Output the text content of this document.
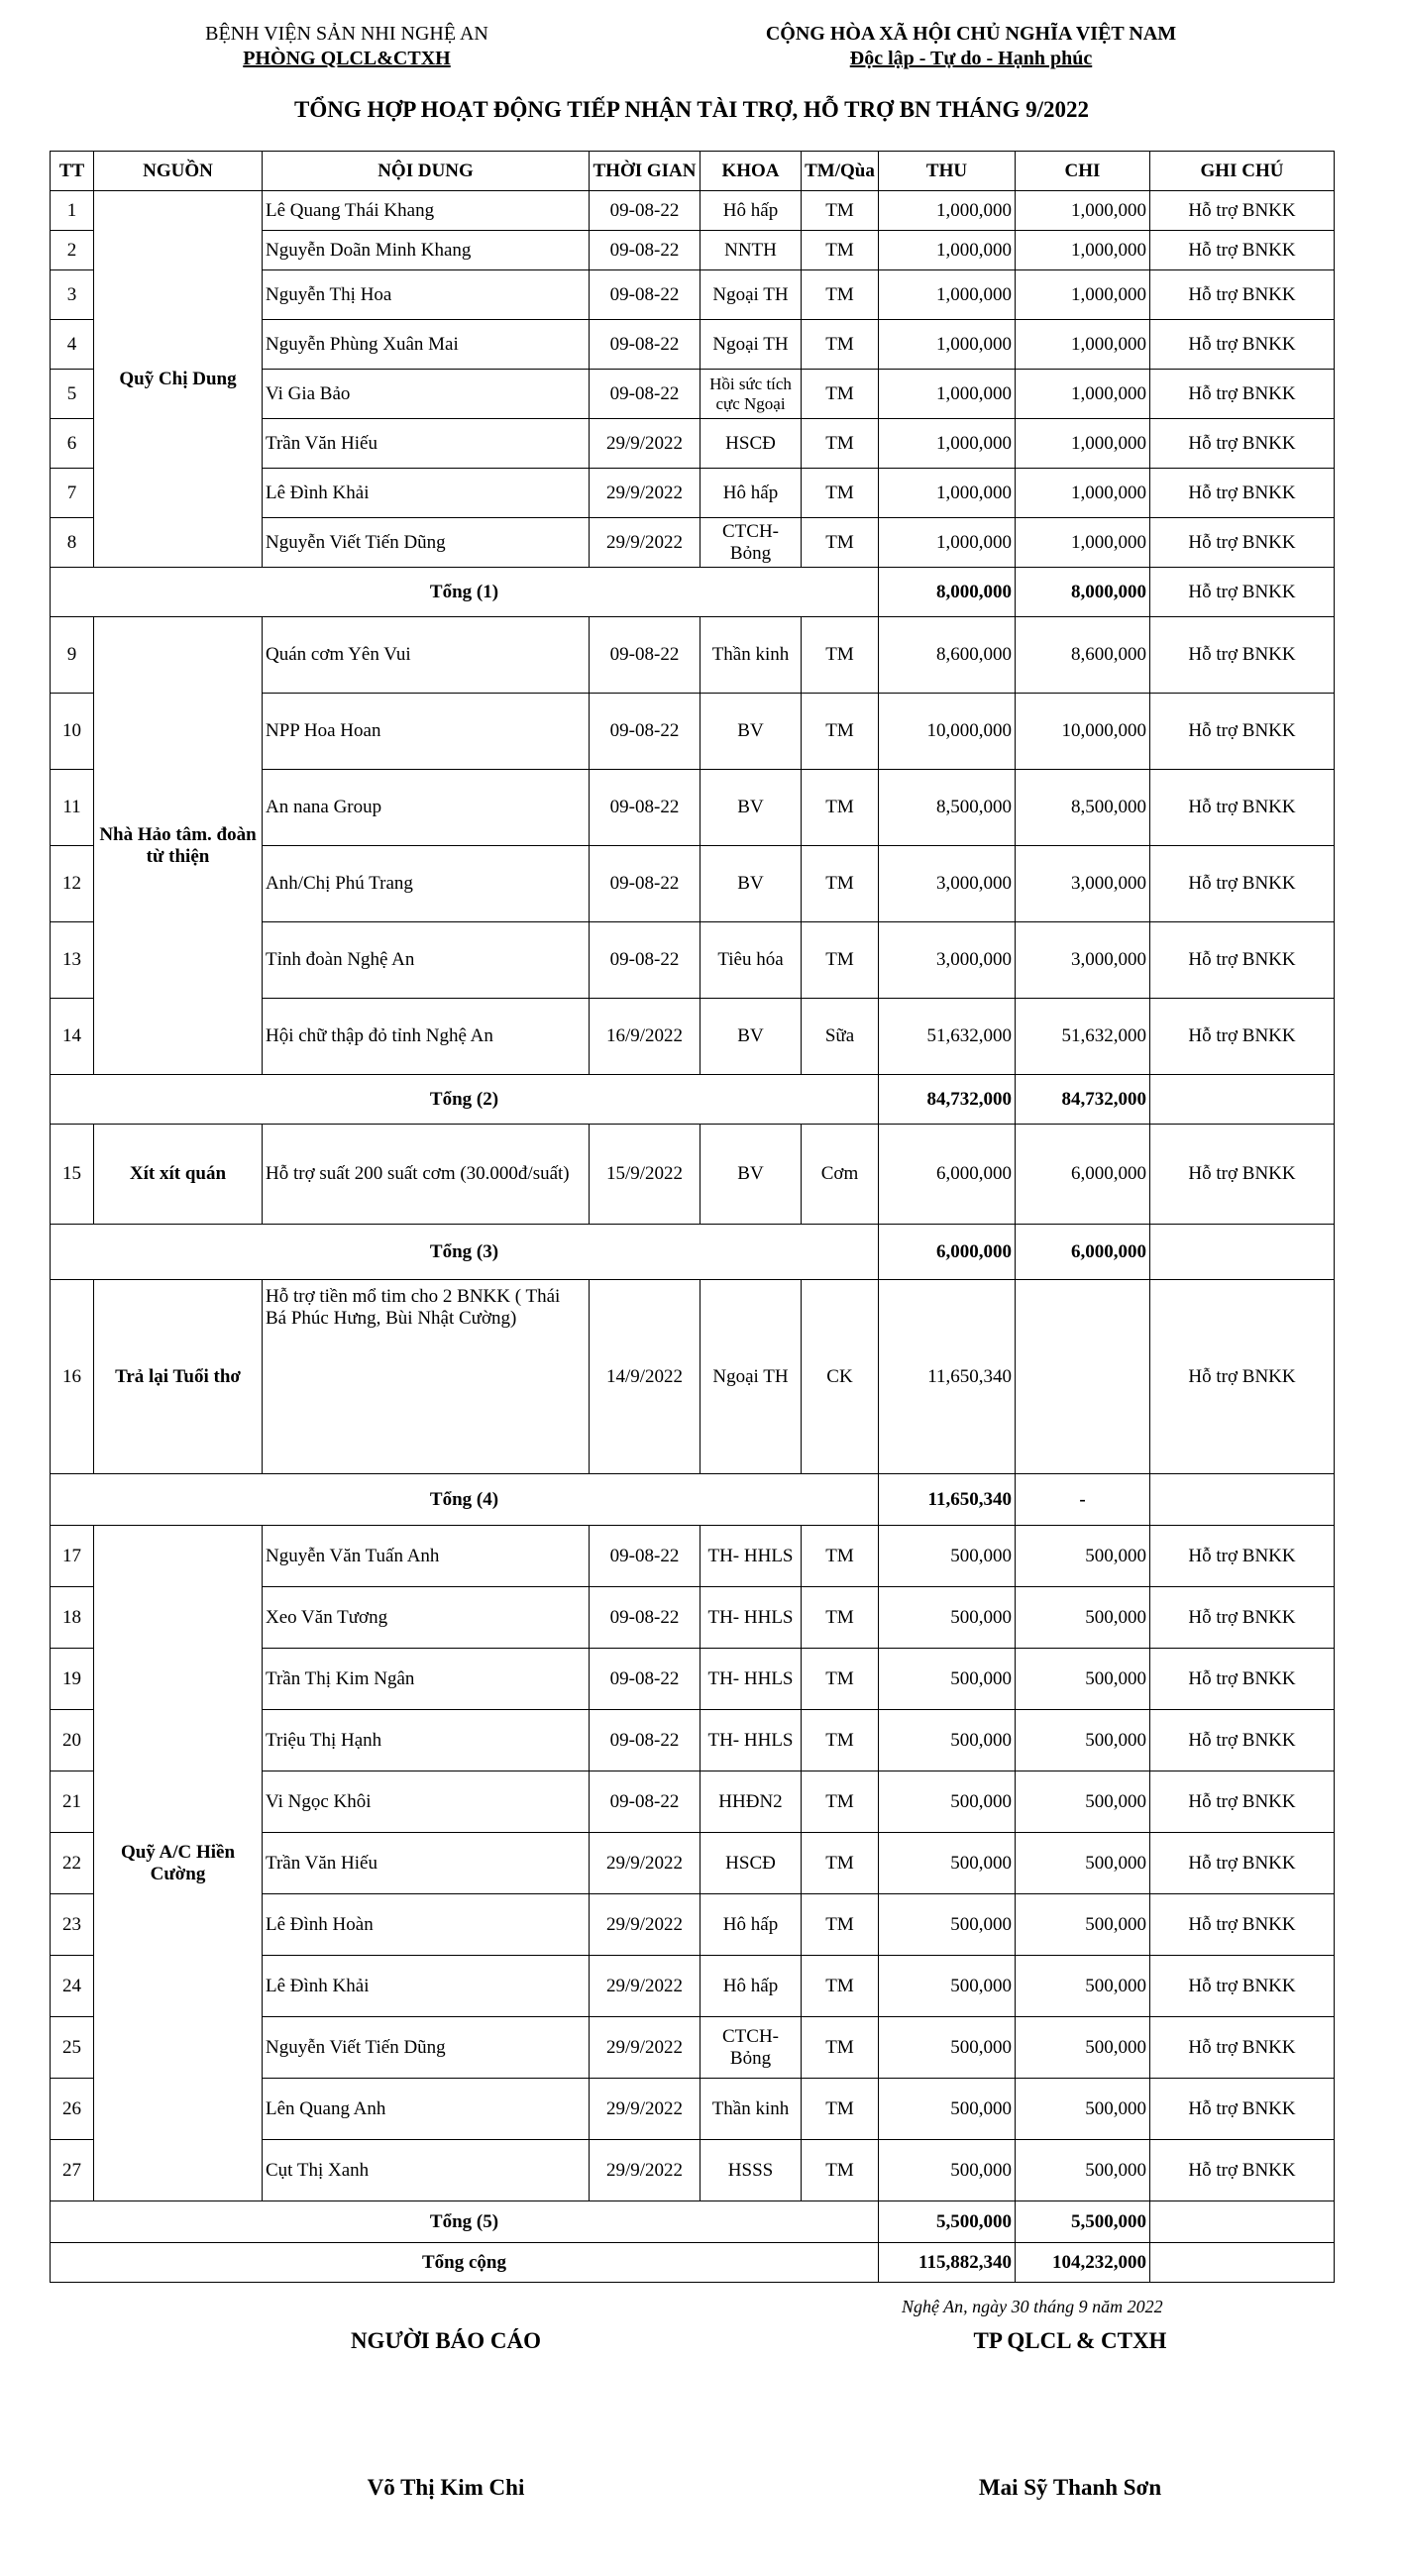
BỆNH VIỆN SẢN NHI NGHỆ AN
PHÒNG QLCL&CTXH
CỘNG HÒA XÃ HỘI CHỦ NGHĨA VIỆT NAM
Độc lập - Tự do - Hạnh phúc
TỔNG HỢP HOẠT ĐỘNG TIẾP NHẬN TÀI TRỢ, HỖ TRỢ BN THÁNG 9/2022
TT	NGUỒN	NỘI DUNG	THỜI GIAN	KHOA	TM/Qùa	THU	CHI	GHI CHÚ
1	Quỹ Chị Dung	Lê Quang Thái Khang	09-08-22	Hô hấp	TM	1,000,000	1,000,000	Hỗ trợ BNKK
2		Nguyễn Doãn Minh Khang	09-08-22	NNTH	TM	1,000,000	1,000,000	Hỗ trợ BNKK
3		Nguyễn Thị Hoa	09-08-22	Ngoại TH	TM	1,000,000	1,000,000	Hỗ trợ BNKK
4		Nguyễn Phùng Xuân Mai	09-08-22	Ngoại TH	TM	1,000,000	1,000,000	Hỗ trợ BNKK
5		Vi Gia Bảo	09-08-22	Hồi sức tích cực Ngoại	TM	1,000,000	1,000,000	Hỗ trợ BNKK
6		Trần Văn Hiếu	29/9/2022	HSCĐ	TM	1,000,000	1,000,000	Hỗ trợ BNKK
7		Lê Đình Khải	29/9/2022	Hô hấp	TM	1,000,000	1,000,000	Hỗ trợ BNKK
8		Nguyễn Viết Tiến Dũng	29/9/2022	CTCH-Bỏng	TM	1,000,000	1,000,000	Hỗ trợ BNKK
Tổng (1)						8,000,000	8,000,000	Hỗ trợ BNKK
9	Nhà Hảo tâm. đoàn từ thiện	Quán cơm Yên Vui	09-08-22	Thần kinh	TM	8,600,000	8,600,000	Hỗ trợ BNKK
10		NPP Hoa Hoan	09-08-22	BV	TM	10,000,000	10,000,000	Hỗ trợ BNKK
11		An nana Group	09-08-22	BV	TM	8,500,000	8,500,000	Hỗ trợ BNKK
12		Anh/Chị Phú Trang	09-08-22	BV	TM	3,000,000	3,000,000	Hỗ trợ BNKK
13		Tỉnh đoàn Nghệ An	09-08-22	Tiêu hóa	TM	3,000,000	3,000,000	Hỗ trợ BNKK
14		Hội chữ thập đỏ tỉnh Nghệ An	16/9/2022	BV	Sữa	51,632,000	51,632,000	Hỗ trợ BNKK
Tổng (2)						84,732,000	84,732,000	
15	Xít xít quán	Hỗ trợ suất 200 suất cơm (30.000đ/suất)	15/9/2022	BV	Cơm	6,000,000	6,000,000	Hỗ trợ BNKK
Tổng (3)						6,000,000	6,000,000	
16	Trả lại Tuổi thơ	Hỗ trợ tiền mổ tim cho 2 BNKK ( Thái Bá Phúc Hưng, Bùi Nhật Cường)	14/9/2022	Ngoại TH	CK	11,650,340		Hỗ trợ BNKK
Tổng (4)						11,650,340	-	
17	Quỹ A/C Hiền Cường	Nguyễn Văn Tuấn Anh	09-08-22	TH- HHLS	TM	500,000	500,000	Hỗ trợ BNKK
18		Xeo Văn Tương	09-08-22	TH- HHLS	TM	500,000	500,000	Hỗ trợ BNKK
19		Trần Thị Kim Ngân	09-08-22	TH- HHLS	TM	500,000	500,000	Hỗ trợ BNKK
20		Triệu Thị Hạnh	09-08-22	TH- HHLS	TM	500,000	500,000	Hỗ trợ BNKK
21		Vi Ngọc Khôi	09-08-22	HHĐN2	TM	500,000	500,000	Hỗ trợ BNKK
22		Trần Văn Hiếu	29/9/2022	HSCĐ	TM	500,000	500,000	Hỗ trợ BNKK
23		Lê Đình Hoàn	29/9/2022	Hô hấp	TM	500,000	500,000	Hỗ trợ BNKK
24		Lê Đình Khải	29/9/2022	Hô hấp	TM	500,000	500,000	Hỗ trợ BNKK
25		Nguyễn Viết Tiến Dũng	29/9/2022	CTCH-Bỏng	TM	500,000	500,000	Hỗ trợ BNKK
26		Lên Quang Anh	29/9/2022	Thần kinh	TM	500,000	500,000	Hỗ trợ BNKK
27		Cụt Thị Xanh	29/9/2022	HSSS	TM	500,000	500,000	Hỗ trợ BNKK
Tổng (5)						5,500,000	5,500,000	
Tổng cộng						115,882,340	104,232,000	
Nghệ An, ngày 30 tháng 9 năm 2022
NGƯỜI BÁO CÁO	TP QLCL & CTXH
Võ Thị Kim Chi	Mai Sỹ Thanh Sơn
